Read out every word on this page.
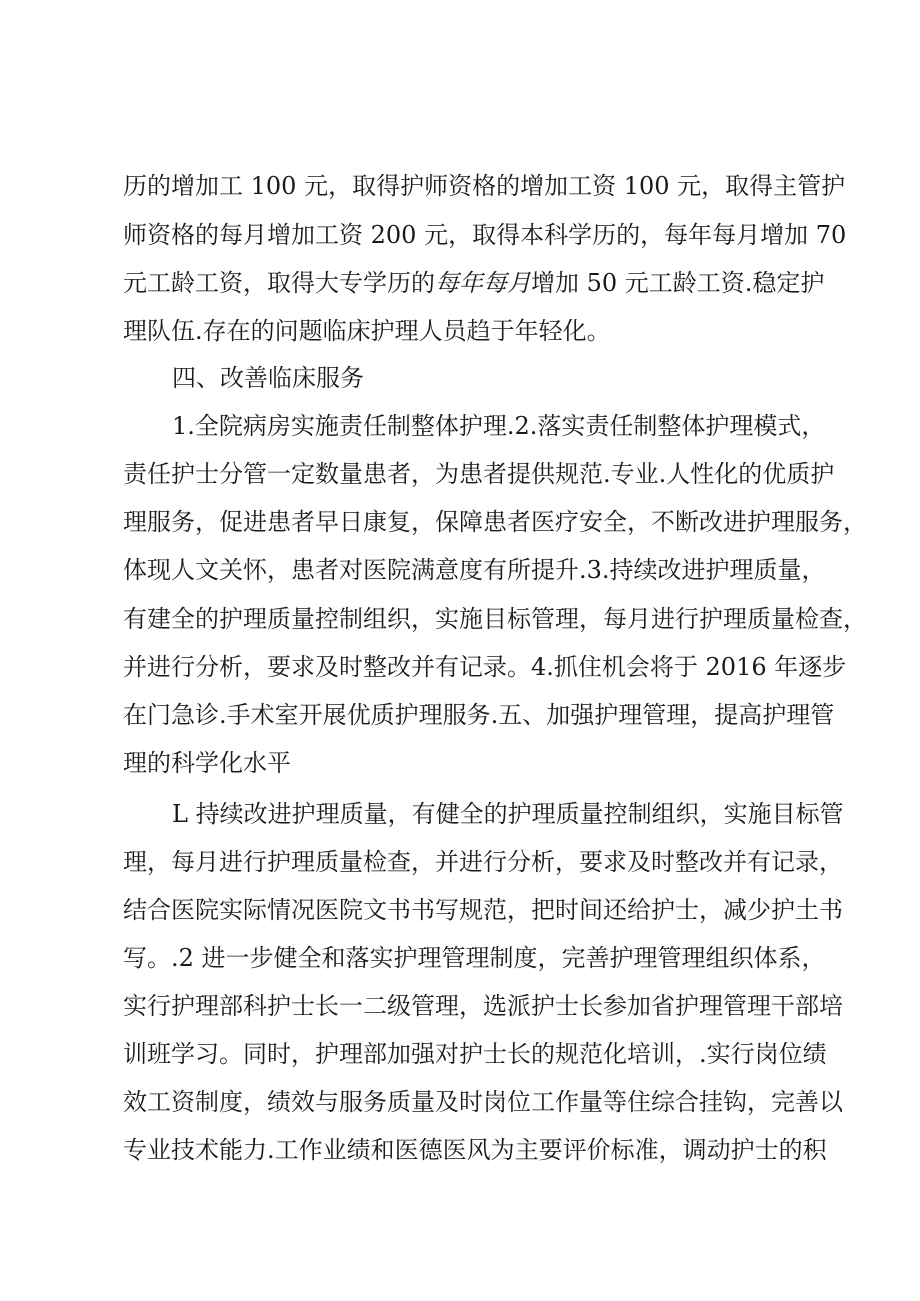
历的增加工 100 元，取得护师资格的增加工资 100 元，取得主管护
师资格的每月增加工资 200 元，取得本科学历的，每年每月增加 70
元工龄工资，取得大专学历的每年每月增加 50 元工龄工资.稳定护
理队伍.存在的问题临床护理人员趋于年轻化。
四、改善临床服务
1.全院病房实施责任制整体护理.2.落实责任制整体护理模式，
责任护士分管一定数量患者，为患者提供规范.专业.人性化的优质护
理服务，促进患者早日康复，保障患者医疗安全，不断改进护理服务，
体现人文关怀，患者对医院满意度有所提升.3.持续改进护理质量，
有建全的护理质量控制组织，实施目标管理，每月进行护理质量检查，
并进行分析，要求及时整改并有记录。4.抓住机会将于 2016 年逐步
在门急诊.手术室开展优质护理服务.五、加强护理管理，提高护理管
理的科学化水平
L 持续改进护理质量，有健全的护理质量控制组织，实施目标管
理，每月进行护理质量检查，并进行分析，要求及时整改并有记录，
结合医院实际情况医院文书书写规范，把时间还给护士，减少护土书
写。.2 进一步健全和落实护理管理制度，完善护理管理组织体系，
实行护理部科护士长一二级管理，选派护士长参加省护理管理干部培
训班学习。同时，护理部加强对护士长的规范化培训，.实行岗位绩
效工资制度，绩效与服务质量及时岗位工作量等住综合挂钩，完善以
专业技术能力.工作业绩和医德医风为主要评价标准，调动护士的积
